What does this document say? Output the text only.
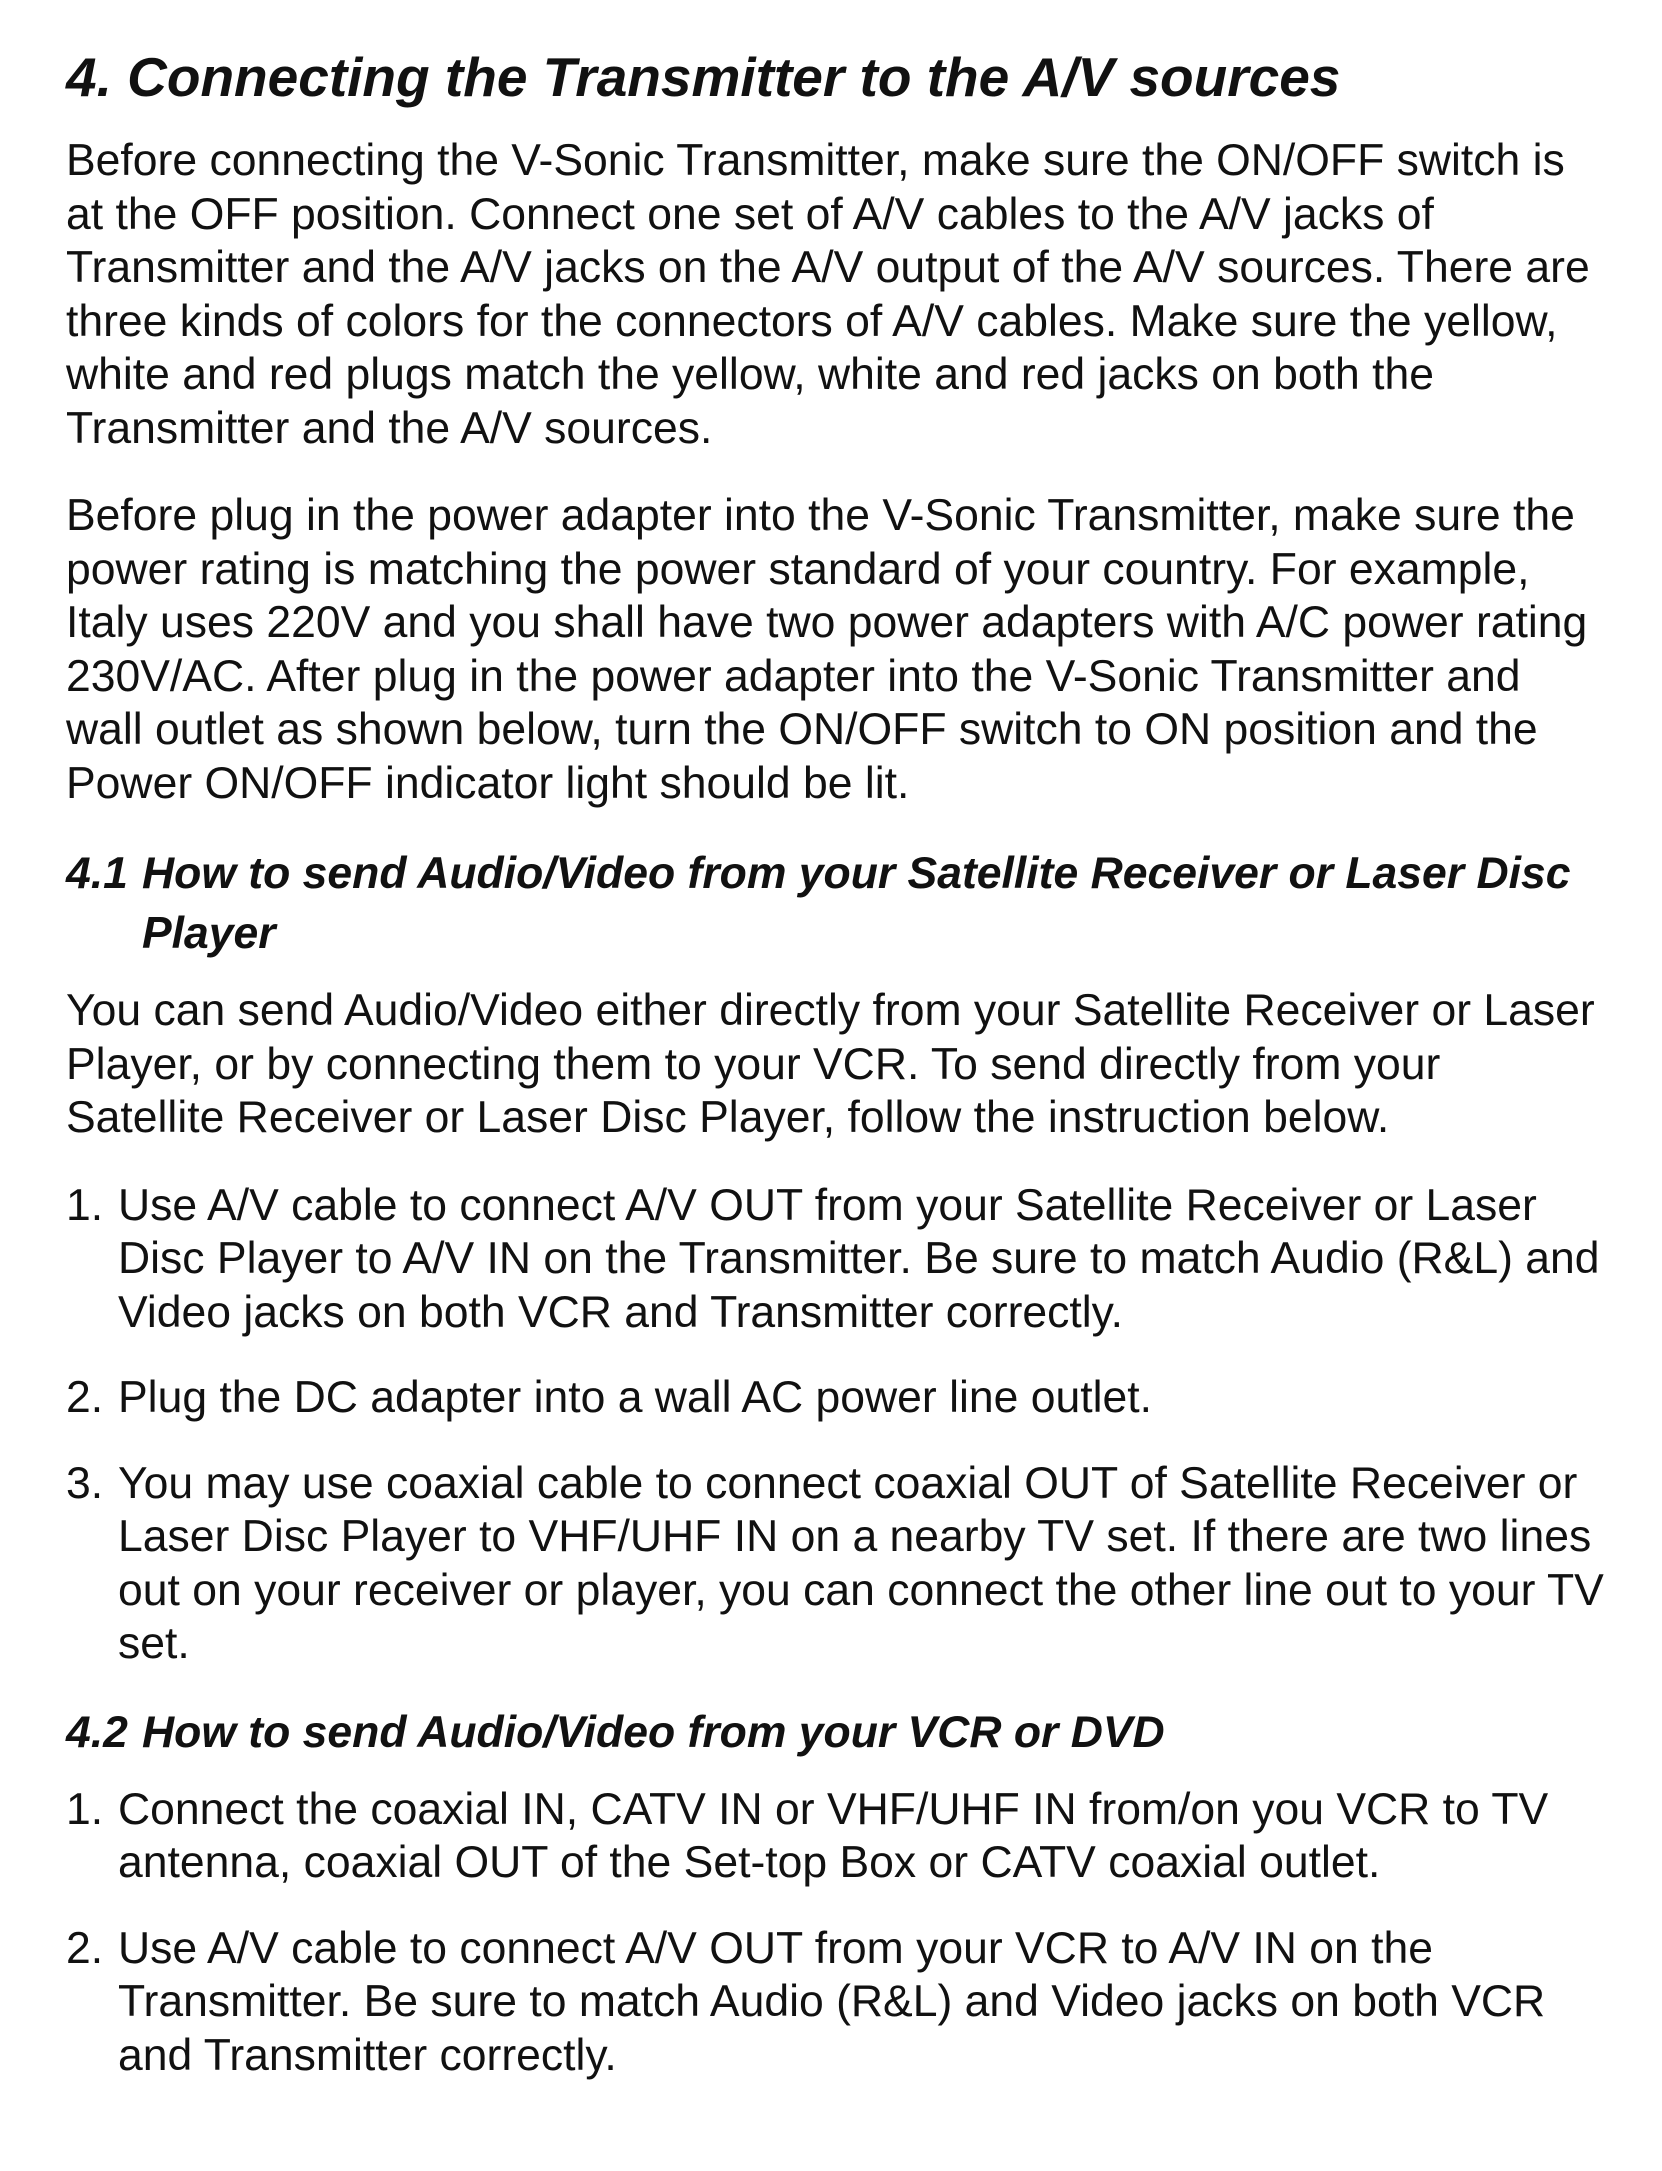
4. Connecting the Transmitter to the A/V sources

Before connecting the V-Sonic Transmitter, make sure the ON/OFF switch is at the OFF position. Connect one set of A/V cables to the A/V jacks of Transmitter and the A/V jacks on the A/V output of the A/V sources. There are three kinds of colors for the connectors of A/V cables. Make sure the yellow, white and red plugs match the yellow, white and red jacks on both the Transmitter and the A/V sources.

Before plug in the power adapter into the V-Sonic Transmitter, make sure the power rating is matching the power standard of your country. For example, Italy uses 220V and you shall have two power adapters with A/C power rating 230V/AC. After plug in the power adapter into the V-Sonic Transmitter and wall outlet as shown below, turn the ON/OFF switch to ON position and the Power ON/OFF indicator light should be lit.

4.1 How to send Audio/Video from your Satellite Receiver or Laser Disc Player

You can send Audio/Video either directly from your Satellite Receiver or Laser Player, or by connecting them to your VCR. To send directly from your Satellite Receiver or Laser Disc Player, follow the instruction below.

1. Use A/V cable to connect A/V OUT from your Satellite Receiver or Laser Disc Player to A/V IN on the Transmitter. Be sure to match Audio (R&L) and Video jacks on both VCR and Transmitter correctly.
2. Plug the DC adapter into a wall AC power line outlet.
3. You may use coaxial cable to connect coaxial OUT of Satellite Receiver or Laser Disc Player to VHF/UHF IN on a nearby TV set. If there are two lines out on your receiver or player, you can connect the other line out to your TV set.
4.2 How to send Audio/Video from your VCR or DVD
1. Connect the coaxial IN, CATV IN or VHF/UHF IN from/on you VCR to TV antenna, coaxial OUT of the Set-top Box or CATV coaxial outlet.
2. Use A/V cable to connect A/V OUT from your VCR to A/V IN on the Transmitter. Be sure to match Audio (R&L) and Video jacks on both VCR and Transmitter correctly.
